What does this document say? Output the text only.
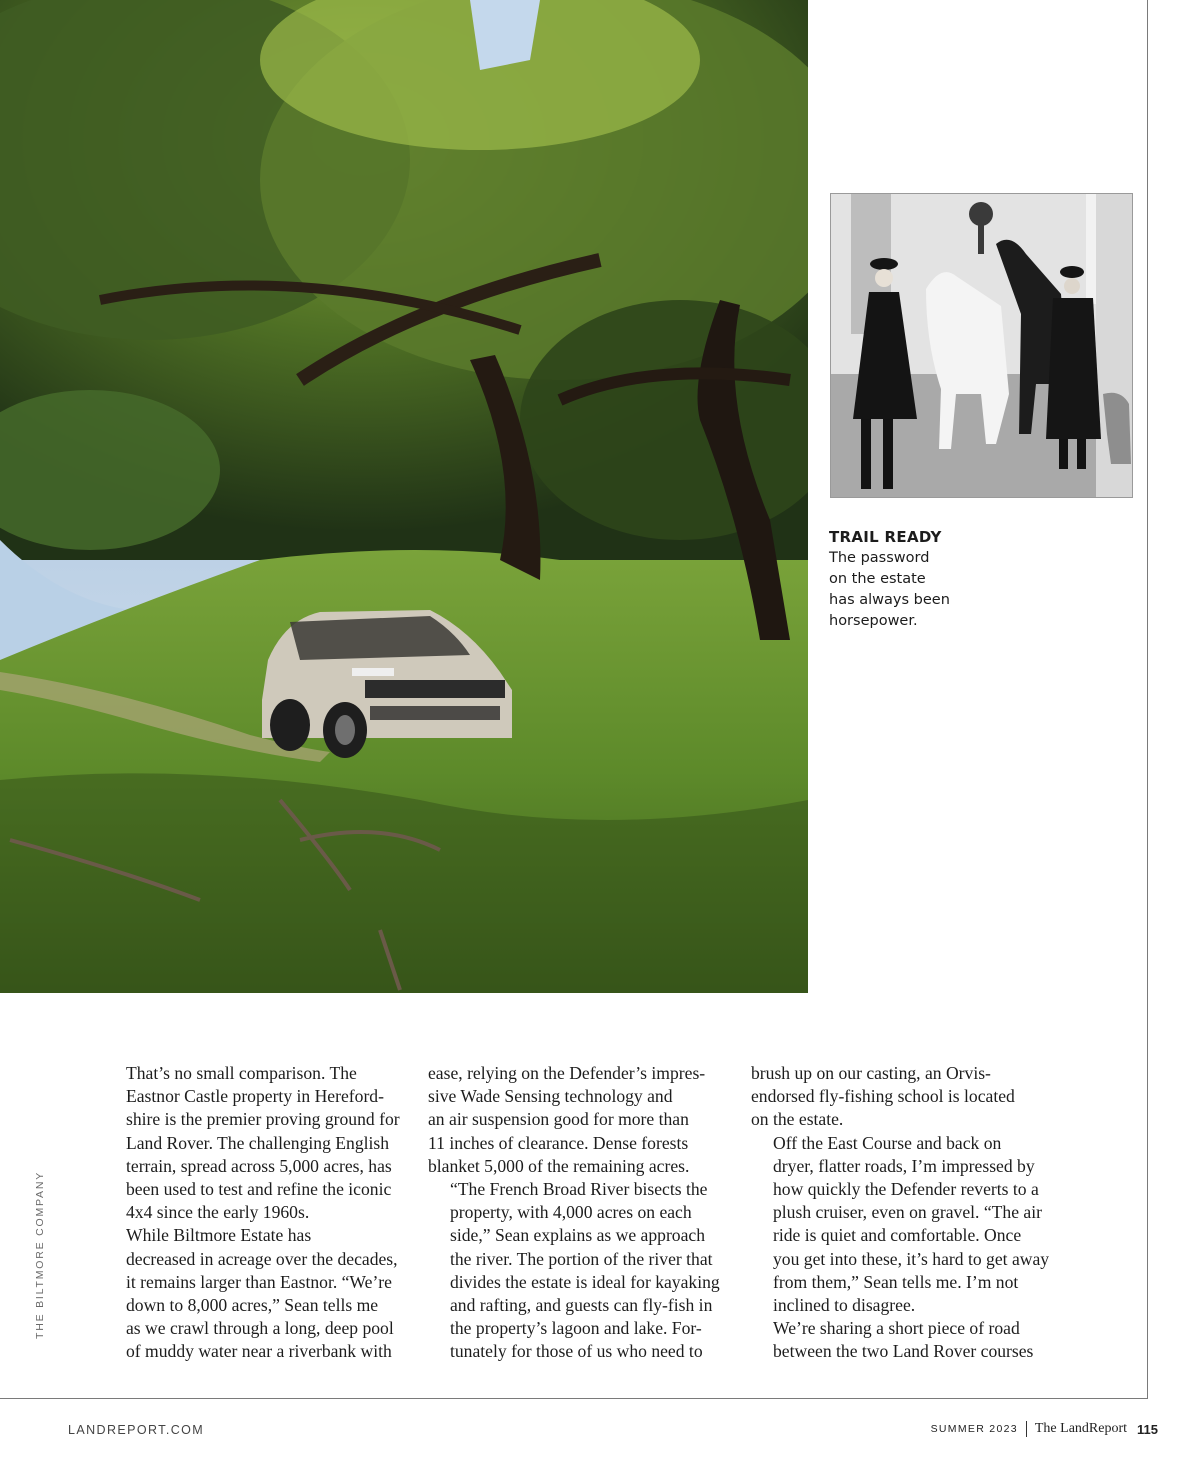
TRAIL READY
The password
on the estate
has always been
horsepower.
THE BILTMORE COMPANY

That’s no small comparison. The
Eastnor Castle property in Hereford-
shire is the premier proving ground for
Land Rover. The challenging English
terrain, spread across 5,000 acres, has
been used to test and refine the iconic
4x4 since the early 1960s.

While Biltmore Estate has
decreased in acreage over the decades,
it remains larger than Eastnor. “We’re
down to 8,000 acres,” Sean tells me
as we crawl through a long, deep pool
of muddy water near a riverbank with

ease, relying on the Defender’s impres-
sive Wade Sensing technology and
an air suspension good for more than
11 inches of clearance. Dense forests
blanket 5,000 of the remaining acres.

“The French Broad River bisects the
property, with 4,000 acres on each
side,” Sean explains as we approach
the river. The portion of the river that
divides the estate is ideal for kayaking
and rafting, and guests can fly-fish in
the property’s lagoon and lake. For-
tunately for those of us who need to

brush up on our casting, an Orvis-
endorsed fly-fishing school is located
on the estate.

Off the East Course and back on
dryer, flatter roads, I’m impressed by
how quickly the Defender reverts to a
plush cruiser, even on gravel. “The air
ride is quiet and comfortable. Once
you get into these, it’s hard to get away
from them,” Sean tells me. I’m not
inclined to disagree.

We’re sharing a short piece of road
between the two Land Rover courses

LANDREPORT.COM	SUMMER 2023 The LandReport 115
